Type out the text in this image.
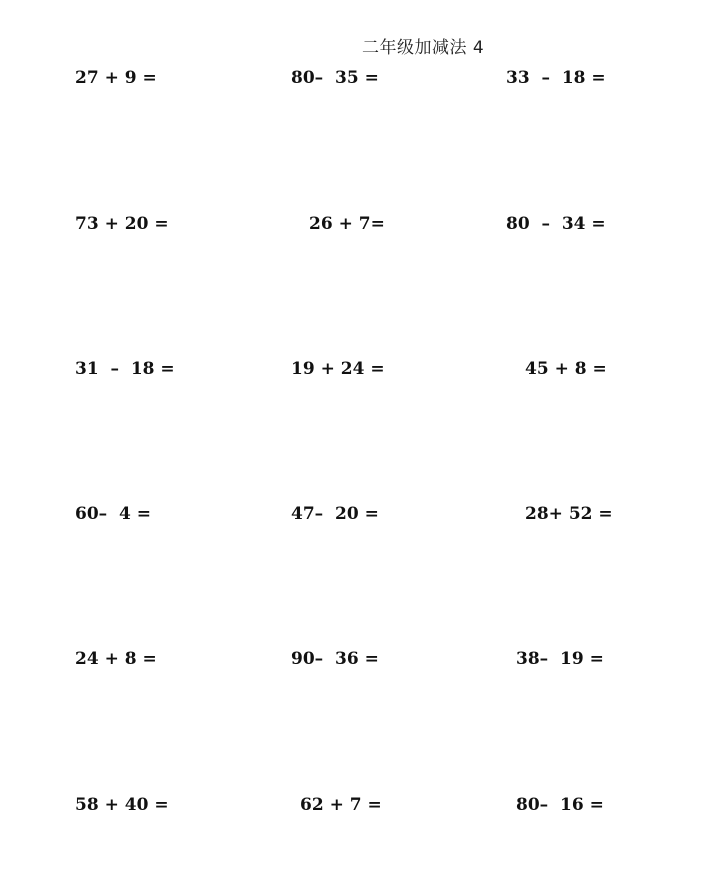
二年级加减法 4
27 + 9 =	80–  35 =	33  –  18 =
73 + 20 =	26 + 7=	80  –  34 =
31  –  18 =	19 + 24 =	45 + 8 =
60–  4 =	47–  20 =	28+ 52 =
24 + 8 =	90–  36 =	38–  19 =
58 + 40 =	62 + 7 =	80–  16 =
